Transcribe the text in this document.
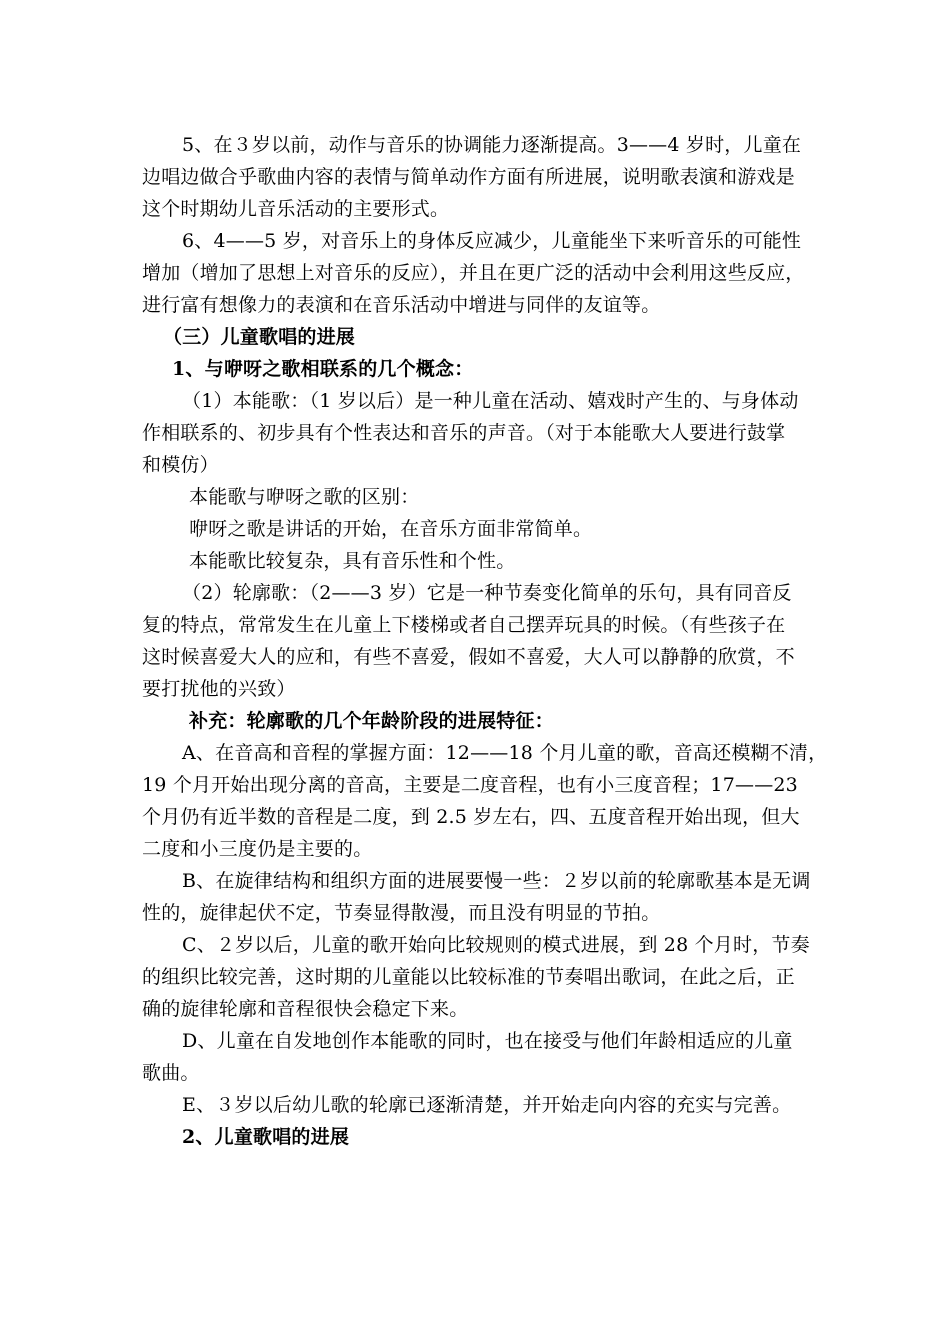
5、在３岁以前，动作与音乐的协调能力逐渐提高。3——4 岁时，儿童在
边唱边做合乎歌曲内容的表情与简单动作方面有所进展，说明歌表演和游戏是
这个时期幼儿音乐活动的主要形式。
6、4——5 岁，对音乐上的身体反应减少，儿童能坐下来听音乐的可能性
增加（增加了思想上对音乐的反应），并且在更广泛的活动中会利用这些反应，
进行富有想像力的表演和在音乐活动中增进与同伴的友谊等。
（三）儿童歌唱的进展
1、与咿呀之歌相联系的几个概念：
（1）本能歌：（1 岁以后）是一种儿童在活动、嬉戏时产生的、与身体动
作相联系的、初步具有个性表达和音乐的声音。（对于本能歌大人要进行鼓掌
和模仿）
本能歌与咿呀之歌的区别：
咿呀之歌是讲话的开始，在音乐方面非常简单。
本能歌比较复杂，具有音乐性和个性。
（2）轮廓歌：（2——3 岁）它是一种节奏变化简单的乐句，具有同音反
复的特点，常常发生在儿童上下楼梯或者自己摆弄玩具的时候。（有些孩子在
这时候喜爱大人的应和，有些不喜爱，假如不喜爱，大人可以静静的欣赏，不
要打扰他的兴致）
补充：轮廓歌的几个年龄阶段的进展特征：
A、在音高和音程的掌握方面：12——18 个月儿童的歌，音高还模糊不清，
19 个月开始出现分离的音高，主要是二度音程，也有小三度音程；17——23
个月仍有近半数的音程是二度，到 2.5 岁左右，四、五度音程开始出现，但大
二度和小三度仍是主要的。
B、在旋律结构和组织方面的进展要慢一些：２岁以前的轮廓歌基本是无调
性的，旋律起伏不定，节奏显得散漫，而且没有明显的节拍。
C、２岁以后，儿童的歌开始向比较规则的模式进展，到 28 个月时，节奏
的组织比较完善，这时期的儿童能以比较标准的节奏唱出歌词，在此之后，正
确的旋律轮廓和音程很快会稳定下来。
D、儿童在自发地创作本能歌的同时，也在接受与他们年龄相适应的儿童
歌曲。
E、３岁以后幼儿歌的轮廓已逐渐清楚，并开始走向内容的充实与完善。
2、儿童歌唱的进展
